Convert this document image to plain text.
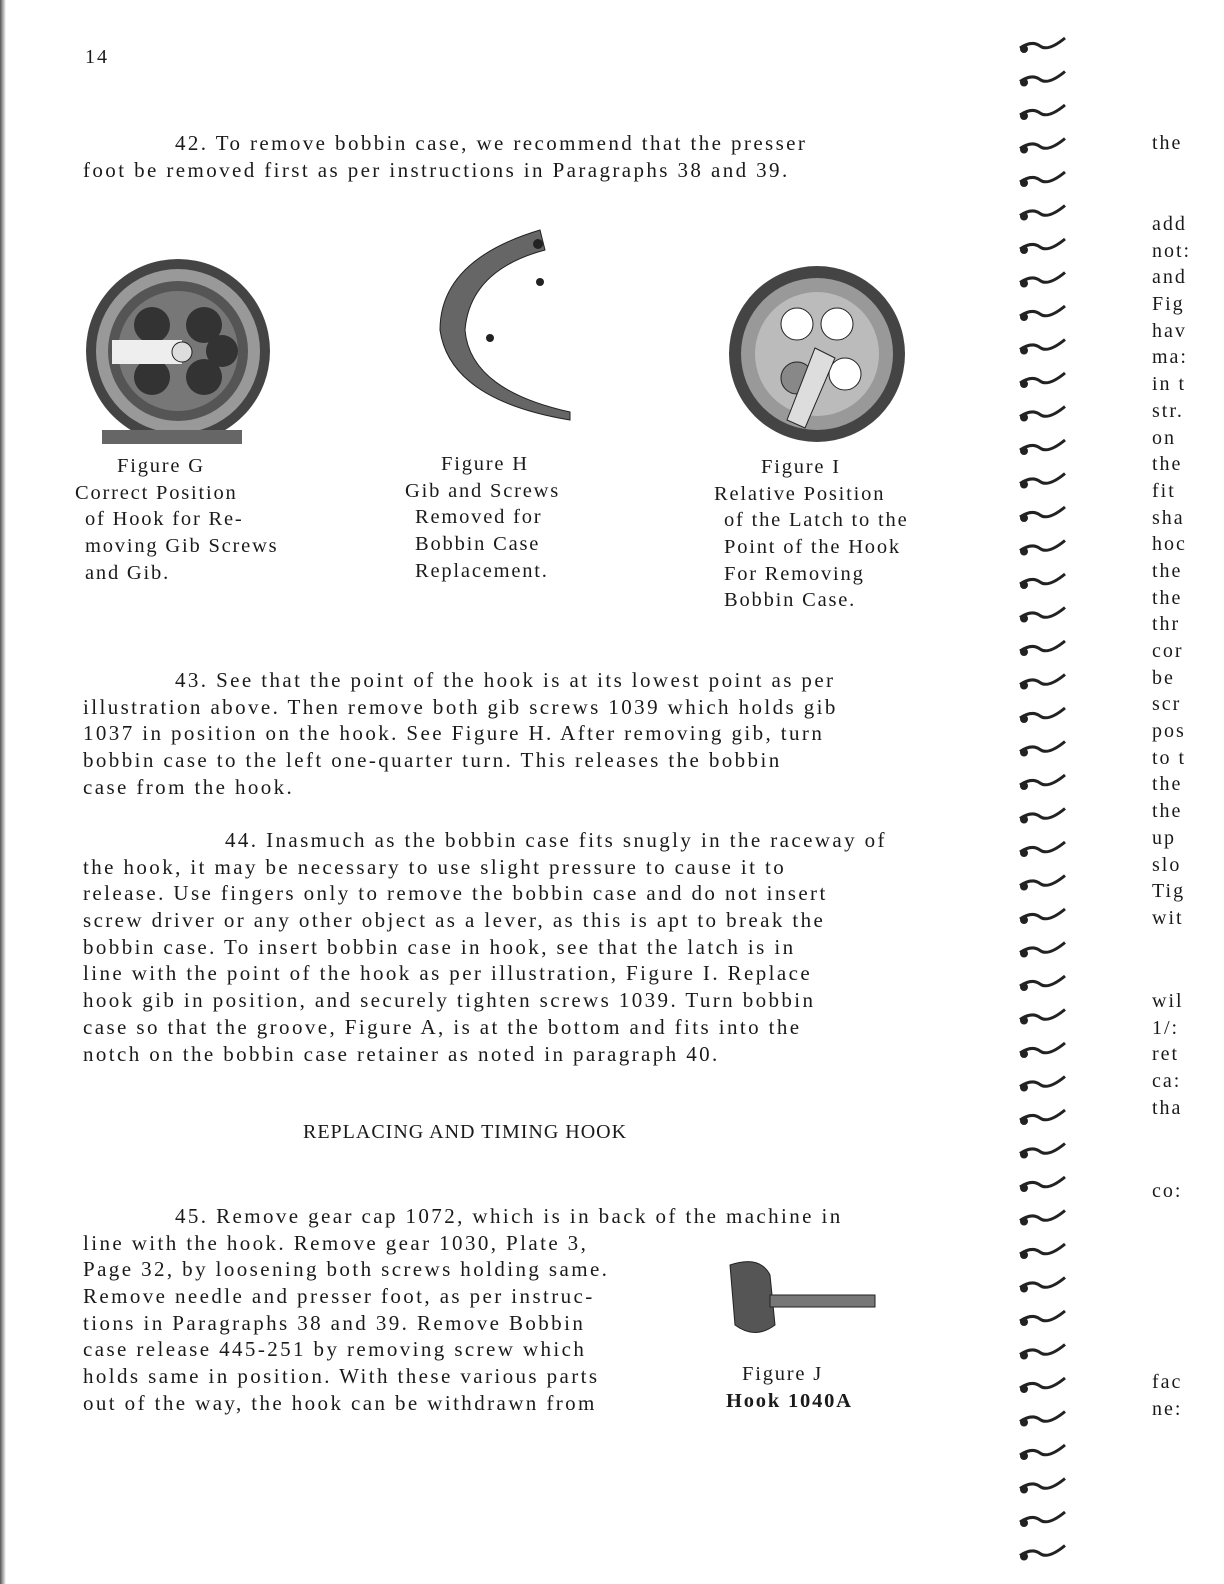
14
42. To remove bobbin case, we recommend that the presser
foot be removed first as per instructions in Paragraphs 38 and 39.
Figure G
Correct Position
of Hook for Re-
moving Gib Screws
and Gib.
Figure H
Gib and Screws
Removed for
Bobbin Case
Replacement.
Figure I
Relative Position
of the Latch to the
Point of the Hook
For Removing
Bobbin Case.
43. See that the point of the hook is at its lowest point as per
illustration above. Then remove both gib screws 1039 which holds gib
1037 in position on the hook. See Figure H. After removing gib, turn
bobbin case to the left one-quarter turn. This releases the bobbin
case from the hook.
44. Inasmuch as the bobbin case fits snugly in the raceway of
the hook, it may be necessary to use slight pressure to cause it to
release. Use fingers only to remove the bobbin case and do not insert
screw driver or any other object as a lever, as this is apt to break the
bobbin case. To insert bobbin case in hook, see that the latch is in
line with the point of the hook as per illustration, Figure I. Replace
hook gib in position, and securely tighten screws 1039. Turn bobbin
case so that the groove, Figure A, is at the bottom and fits into the
notch on the bobbin case retainer as noted in paragraph 40.
REPLACING AND TIMING HOOK
45. Remove gear cap 1072, which is in back of the machine in
line with the hook. Remove gear 1030, Plate 3,
Page 32, by loosening both screws holding same.
Remove needle and presser foot, as per instruc-
tions in Paragraphs 38 and 39. Remove Bobbin
case release 445-251 by removing screw which
holds same in position. With these various parts
out of the way, the hook can be withdrawn from
Figure J
Hook 1040A
the
add
not:
and
Fig
hav
ma:
in t
str.
on
the
fit
sha
hoc
the
the
thr
cor
be
scr
pos
to t
the
the
up
slo
Tig
wit
wil
1/:
ret
ca:
tha
co:
fac
ne:
